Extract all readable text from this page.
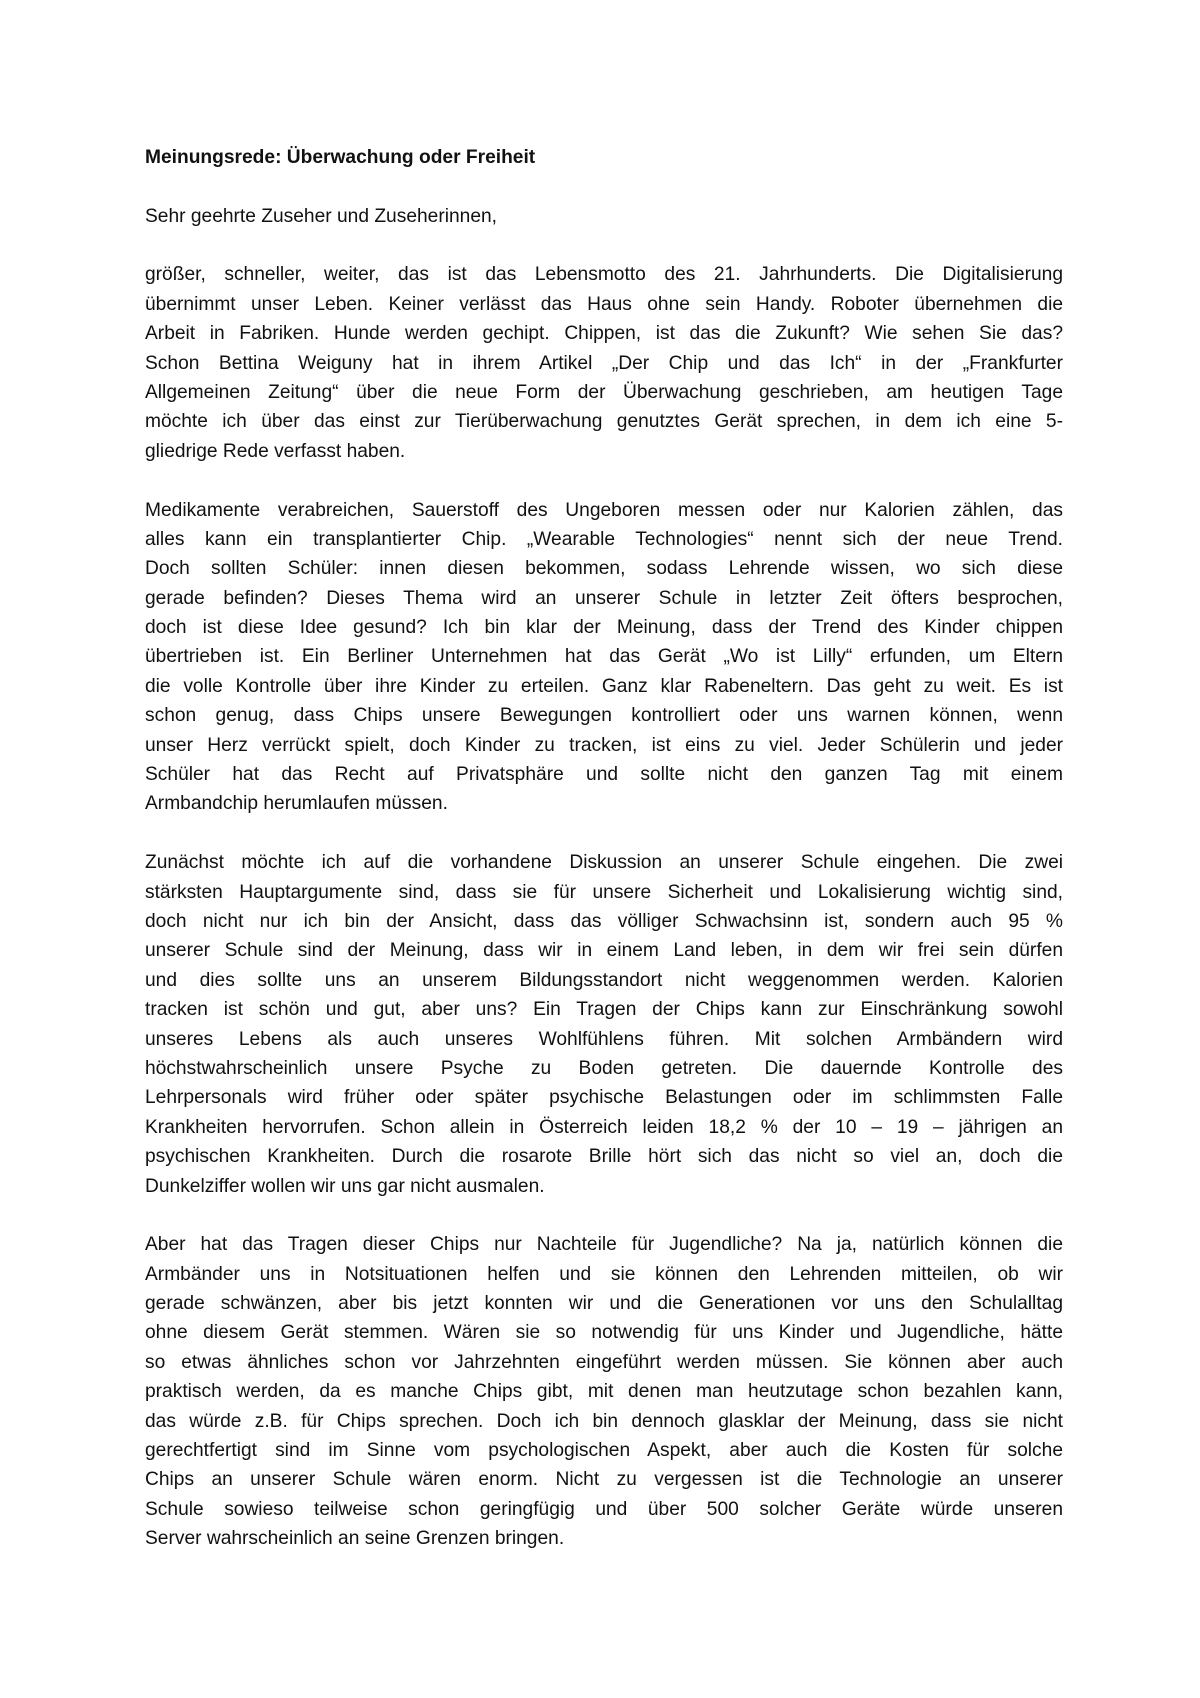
Meinungsrede: Überwachung oder Freiheit
Sehr geehrte Zuseher und Zuseherinnen,
größer, schneller, weiter, das ist das Lebensmotto des 21. Jahrhunderts. Die Digitalisierung
übernimmt unser Leben. Keiner verlässt das Haus ohne sein Handy. Roboter übernehmen die
Arbeit in Fabriken. Hunde werden gechipt. Chippen, ist das die Zukunft? Wie sehen Sie das?
Schon Bettina Weiguny hat in ihrem Artikel „Der Chip und das Ich“ in der „Frankfurter
Allgemeinen Zeitung“ über die neue Form der Überwachung geschrieben, am heutigen Tage
möchte ich über das einst zur Tierüberwachung genutztes Gerät sprechen, in dem ich eine 5-
gliedrige Rede verfasst haben.
Medikamente verabreichen, Sauerstoff des Ungeboren messen oder nur Kalorien zählen, das
alles kann ein transplantierter Chip. „Wearable Technologies“ nennt sich der neue Trend.
Doch sollten Schüler: innen diesen bekommen, sodass Lehrende wissen, wo sich diese
gerade befinden? Dieses Thema wird an unserer Schule in letzter Zeit öfters besprochen,
doch ist diese Idee gesund? Ich bin klar der Meinung, dass der Trend des Kinder chippen
übertrieben ist. Ein Berliner Unternehmen hat das Gerät „Wo ist Lilly“ erfunden, um Eltern
die volle Kontrolle über ihre Kinder zu erteilen. Ganz klar Rabeneltern. Das geht zu weit. Es ist
schon genug, dass Chips unsere Bewegungen kontrolliert oder uns warnen können, wenn
unser Herz verrückt spielt, doch Kinder zu tracken, ist eins zu viel. Jeder Schülerin und jeder
Schüler hat das Recht auf Privatsphäre und sollte nicht den ganzen Tag mit einem
Armbandchip herumlaufen müssen.
Zunächst möchte ich auf die vorhandene Diskussion an unserer Schule eingehen. Die zwei
stärksten Hauptargumente sind, dass sie für unsere Sicherheit und Lokalisierung wichtig sind,
doch nicht nur ich bin der Ansicht, dass das völliger Schwachsinn ist, sondern auch 95 %
unserer Schule sind der Meinung, dass wir in einem Land leben, in dem wir frei sein dürfen
und dies sollte uns an unserem Bildungsstandort nicht weggenommen werden. Kalorien
tracken ist schön und gut, aber uns? Ein Tragen der Chips kann zur Einschränkung sowohl
unseres Lebens als auch unseres Wohlfühlens führen. Mit solchen Armbändern wird
höchstwahrscheinlich unsere Psyche zu Boden getreten. Die dauernde Kontrolle des
Lehrpersonals wird früher oder später psychische Belastungen oder im schlimmsten Falle
Krankheiten hervorrufen. Schon allein in Österreich leiden 18,2 % der 10 – 19 – jährigen an
psychischen Krankheiten. Durch die rosarote Brille hört sich das nicht so viel an, doch die
Dunkelziffer wollen wir uns gar nicht ausmalen.
Aber hat das Tragen dieser Chips nur Nachteile für Jugendliche? Na ja, natürlich können die
Armbänder uns in Notsituationen helfen und sie können den Lehrenden mitteilen, ob wir
gerade schwänzen, aber bis jetzt konnten wir und die Generationen vor uns den Schulalltag
ohne diesem Gerät stemmen. Wären sie so notwendig für uns Kinder und Jugendliche, hätte
so etwas ähnliches schon vor Jahrzehnten eingeführt werden müssen. Sie können aber auch
praktisch werden, da es manche Chips gibt, mit denen man heutzutage schon bezahlen kann,
das würde z.B. für Chips sprechen. Doch ich bin dennoch glasklar der Meinung, dass sie nicht
gerechtfertigt sind im Sinne vom psychologischen Aspekt, aber auch die Kosten für solche
Chips an unserer Schule wären enorm. Nicht zu vergessen ist die Technologie an unserer
Schule sowieso teilweise schon geringfügig und über 500 solcher Geräte würde unseren
Server wahrscheinlich an seine Grenzen bringen.
